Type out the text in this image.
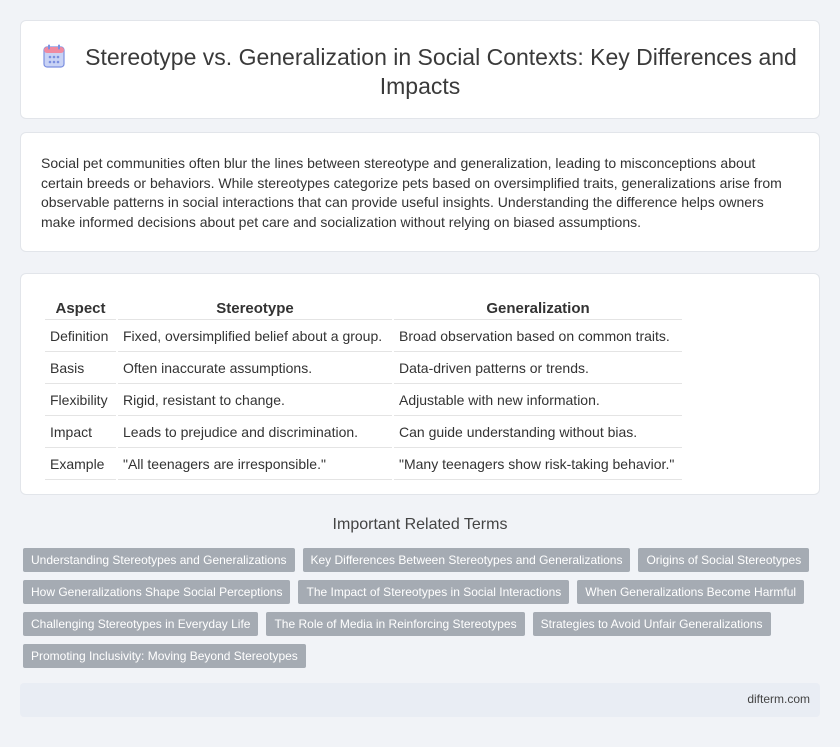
Stereotype vs. Generalization in Social Contexts: Key Differences and Impacts

Social pet communities often blur the lines between stereotype and generalization, leading to misconceptions about certain breeds or behaviors. While stereotypes categorize pets based on oversimplified traits, generalizations arise from observable patterns in social interactions that can provide useful insights. Understanding the difference helps owners make informed decisions about pet care and socialization without relying on biased assumptions.

Aspect	Stereotype	Generalization
Definition	Fixed, oversimplified belief about a group.	Broad observation based on common traits.
Basis	Often inaccurate assumptions.	Data-driven patterns or trends.
Flexibility	Rigid, resistant to change.	Adjustable with new information.
Impact	Leads to prejudice and discrimination.	Can guide understanding without bias.
Example	"All teenagers are irresponsible."	"Many teenagers show risk-taking behavior."
Important Related Terms
Understanding Stereotypes and Generalizations	Key Differences Between Stereotypes and Generalizations	Origins of Social Stereotypes
How Generalizations Shape Social Perceptions	The Impact of Stereotypes in Social Interactions	When Generalizations Become Harmful
Challenging Stereotypes in Everyday Life	The Role of Media in Reinforcing Stereotypes	Strategies to Avoid Unfair Generalizations
Promoting Inclusivity: Moving Beyond Stereotypes
difterm.com
